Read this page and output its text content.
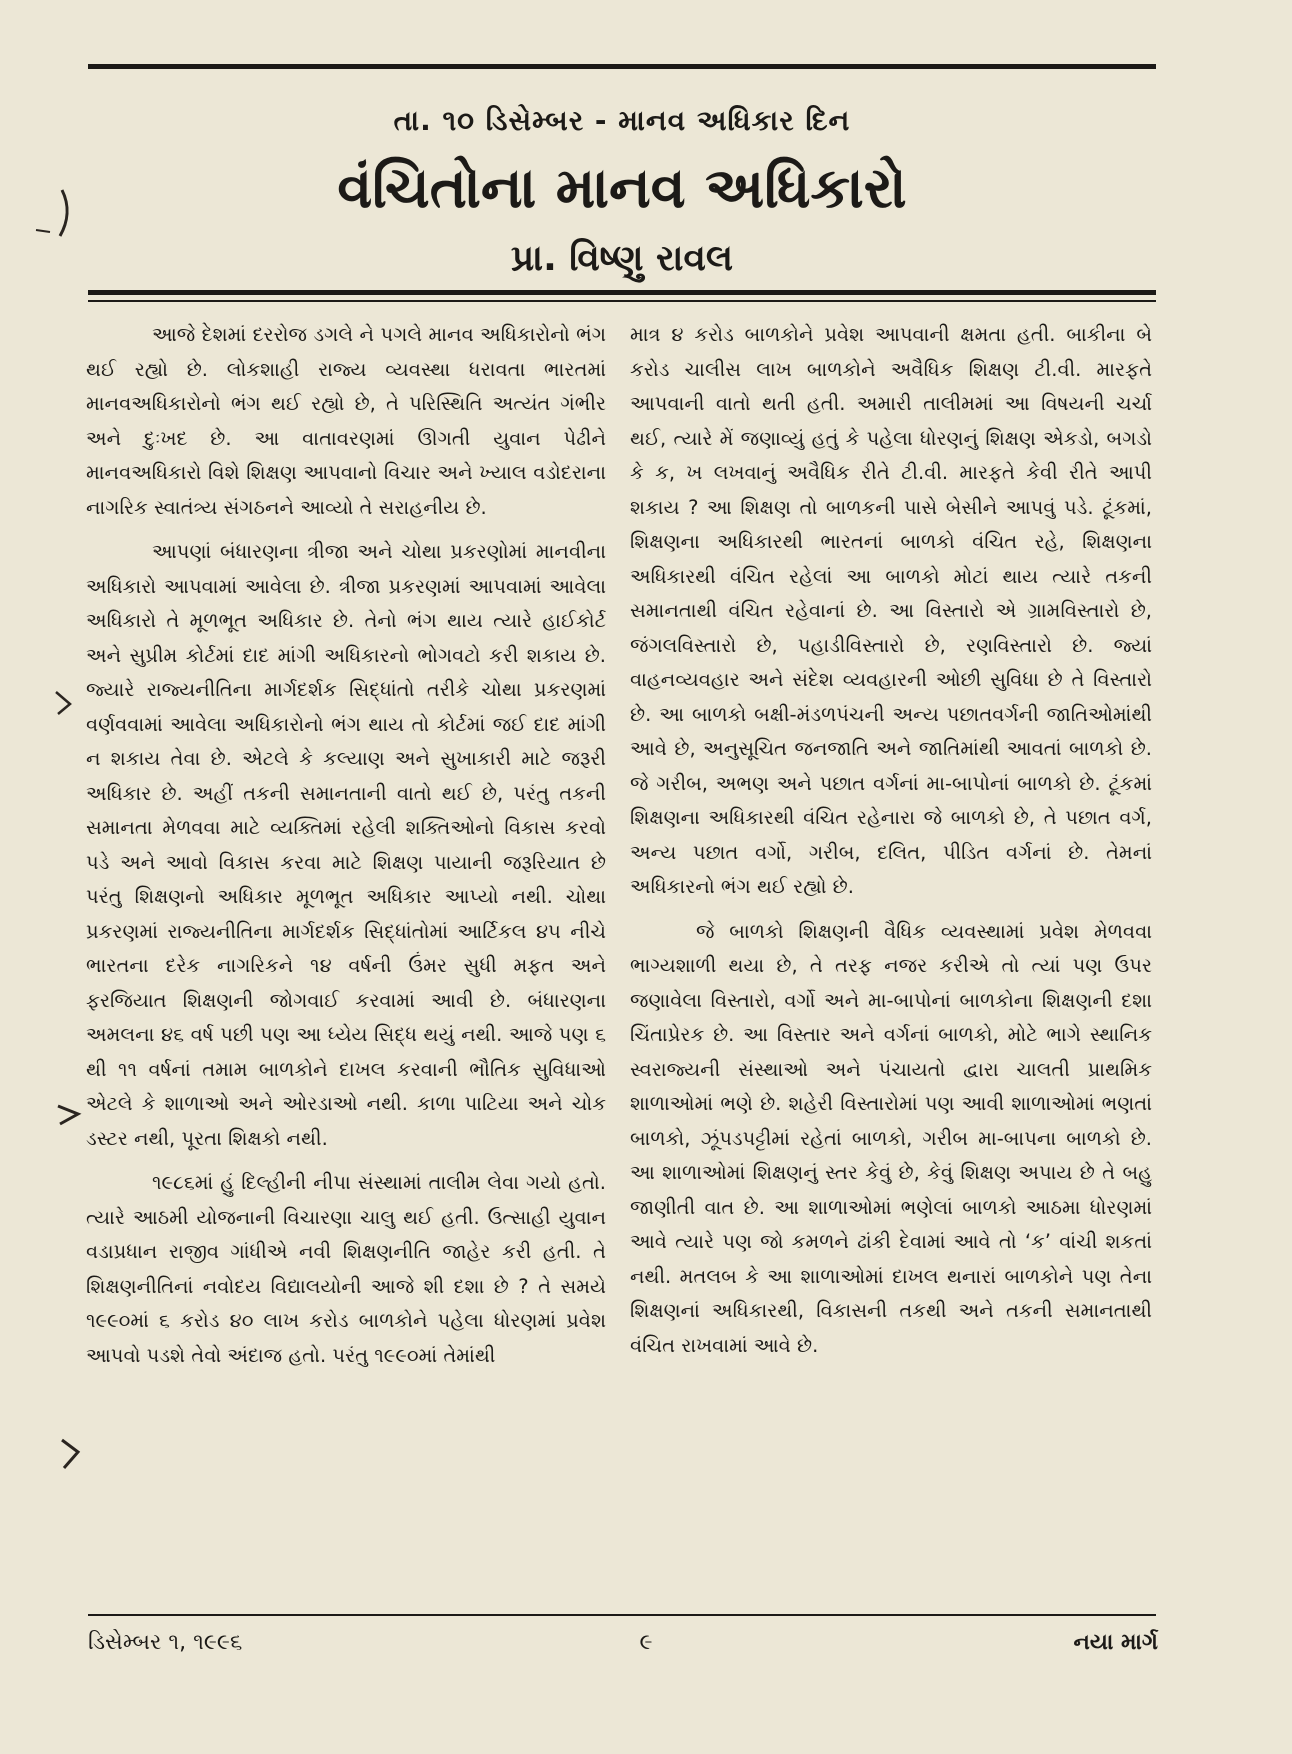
તા. ૧૦ ડિસેમ્બર - માનવ અધિકાર દિન
વંચિતોના માનવ અધિકારો
પ્રા. વિષ્ણુ રાવલ

આજે દેશમાં દરરોજ ડગલે ને પગલે માનવ અધિકારોનો ભંગ થઈ રહ્યો છે. લોકશાહી રાજ્ય વ્યવસ્થા ધરાવતા ભારતમાં માનવઅધિકારોનો ભંગ થઈ રહ્યો છે, તે પરિસ્થિતિ અત્યંત ગંભીર અને દુઃખદ છે. આ વાતાવરણમાં ઊગતી યુવાન પેઢીને માનવઅધિકારો વિશે શિક્ષણ આપવાનો વિચાર અને ખ્યાલ વડોદરાના નાગરિક સ્વાતંત્ર્ય સંગઠનને આવ્યો તે સરાહનીય છે.

આપણાં બંધારણના ત્રીજા અને ચોથા પ્રકરણોમાં માનવીના અધિકારો આપવામાં આવેલા છે. ત્રીજા પ્રકરણમાં આપવામાં આવેલા અધિકારો તે મૂળભૂત અધિકાર છે. તેનો ભંગ થાય ત્યારે હાઈકોર્ટ અને સુપ્રીમ કોર્ટમાં દાદ માંગી અધિકારનો ભોગવટો કરી શકાય છે. જ્યારે રાજ્યનીતિના માર્ગદર્શક સિદ્ધાંતો તરીકે ચોથા પ્રકરણમાં વર્ણવવામાં આવેલા અધિકારોનો ભંગ થાય તો કોર્ટમાં જઈ દાદ માંગી ન શકાય તેવા છે. એટલે કે કલ્યાણ અને સુખાકારી માટે જરૂરી અધિકાર છે. અહીં તકની સમાનતાની વાતો થઈ છે, પરંતુ તકની સમાનતા મેળવવા માટે વ્યક્તિમાં રહેલી શક્તિઓનો વિકાસ કરવો પડે અને આવો વિકાસ કરવા માટે શિક્ષણ પાયાની જરૂરિયાત છે પરંતુ શિક્ષણનો અધિકાર મૂળભૂત અધિકાર આપ્યો નથી. ચોથા પ્રકરણમાં રાજ્યનીતિના માર્ગદર્શક સિદ્ધાંતોમાં આર્ટિકલ ૪૫ નીચે ભારતના દરેક નાગરિકને ૧૪ વર્ષની ઉંમર સુધી મફત અને ફરજિયાત શિક્ષણની જોગવાઈ કરવામાં આવી છે. બંધારણના અમલના ૪૬ વર્ષ પછી પણ આ ધ્યેય સિદ્ધ થયું નથી. આજે પણ ૬ થી ૧૧ વર્ષનાં તમામ બાળકોને દાખલ કરવાની ભૌતિક સુવિધાઓ એટલે કે શાળાઓ અને ઓરડાઓ નથી. કાળા પાટિયા અને ચોક ડસ્ટર નથી, પૂરતા શિક્ષકો નથી.

૧૯૮૬માં હું દિલ્હીની નીપા સંસ્થામાં તાલીમ લેવા ગયો હતો. ત્યારે આઠમી યોજનાની વિચારણા ચાલુ થઈ હતી. ઉત્સાહી યુવાન વડાપ્રધાન રાજીવ ગાંધીએ નવી શિક્ષણનીતિ જાહેર કરી હતી. તે શિક્ષણનીતિનાં નવોદય વિદ્યાલયોની આજે શી દશા છે ? તે સમયે ૧૯૯૦માં ૬ કરોડ ૪૦ લાખ કરોડ બાળકોને પહેલા ધોરણમાં પ્રવેશ આપવો પડશે તેવો અંદાજ હતો. પરંતુ ૧૯૯૦માં તેમાંથી

માત્ર ૪ કરોડ બાળકોને પ્રવેશ આપવાની ક્ષમતા હતી. બાકીના બે કરોડ ચાલીસ લાખ બાળકોને અવૈધિક શિક્ષણ ટી.વી. મારફતે આપવાની વાતો થતી હતી. અમારી તાલીમમાં આ વિષયની ચર્ચા થઈ, ત્યારે મેં જણાવ્યું હતું કે પહેલા ધોરણનું શિક્ષણ એકડો, બગડો કે ક, ખ લખવાનું અવૈધિક રીતે ટી.વી. મારફતે કેવી રીતે આપી શકાય ? આ શિક્ષણ તો બાળકની પાસે બેસીને આપવું પડે. ટૂંકમાં, શિક્ષણના અધિકારથી ભારતનાં બાળકો વંચિત રહે, શિક્ષણના અધિકારથી વંચિત રહેલાં આ બાળકો મોટાં થાય ત્યારે તકની સમાનતાથી વંચિત રહેવાનાં છે. આ વિસ્તારો એ ગ્રામવિસ્તારો છે, જંગલવિસ્તારો છે, પહાડીવિસ્તારો છે, રણવિસ્તારો છે. જ્યાં વાહનવ્યવહાર અને સંદેશ વ્યવહારની ઓછી સુવિધા છે તે વિસ્તારો છે. આ બાળકો બક્ષી-મંડળપંચની અન્ય પછાતવર્ગની જાતિઓમાંથી આવે છે, અનુસૂચિત જનજાતિ અને જાતિમાંથી આવતાં બાળકો છે. જે ગરીબ, અભણ અને પછાત વર્ગનાં મા-બાપોનાં બાળકો છે. ટૂંકમાં શિક્ષણના અધિકારથી વંચિત રહેનારા જે બાળકો છે, તે પછાત વર્ગ, અન્ય પછાત વર્ગો, ગરીબ, દલિત, પીડિત વર્ગનાં છે. તેમનાં અધિકારનો ભંગ થઈ રહ્યો છે.

જે બાળકો શિક્ષણની વૈધિક વ્યવસ્થામાં પ્રવેશ મેળવવા ભાગ્યશાળી થયા છે, તે તરફ નજર કરીએ તો ત્યાં પણ ઉપર જણાવેલા વિસ્તારો, વર્ગો અને મા-બાપોનાં બાળકોના શિક્ષણની દશા ચિંતાપ્રેરક છે. આ વિસ્તાર અને વર્ગનાં બાળકો, મોટે ભાગે સ્થાનિક સ્વરાજ્યની સંસ્થાઓ અને પંચાયતો દ્વારા ચાલતી પ્રાથમિક શાળાઓમાં ભણે છે. શહેરી વિસ્તારોમાં પણ આવી શાળાઓમાં ભણતાં બાળકો, ઝૂંપડપટ્ટીમાં રહેતાં બાળકો, ગરીબ મા-બાપના બાળકો છે. આ શાળાઓમાં શિક્ષણનું સ્તર કેવું છે, કેવું શિક્ષણ અપાય છે તે બહુ જાણીતી વાત છે. આ શાળાઓમાં ભણેલાં બાળકો આઠમા ધોરણમાં આવે ત્યારે પણ જો કમળને ઢાંકી દેવામાં આવે તો ‘ક’ વાંચી શકતાં નથી. મતલબ કે આ શાળાઓમાં દાખલ થનારાં બાળકોને પણ તેના શિક્ષણનાં અધિકારથી, વિકાસની તકથી અને તકની સમાનતાથી વંચિત રાખવામાં આવે છે.

ડિસેમ્બર ૧, ૧૯૯૬	૯	નયા માર્ગ
